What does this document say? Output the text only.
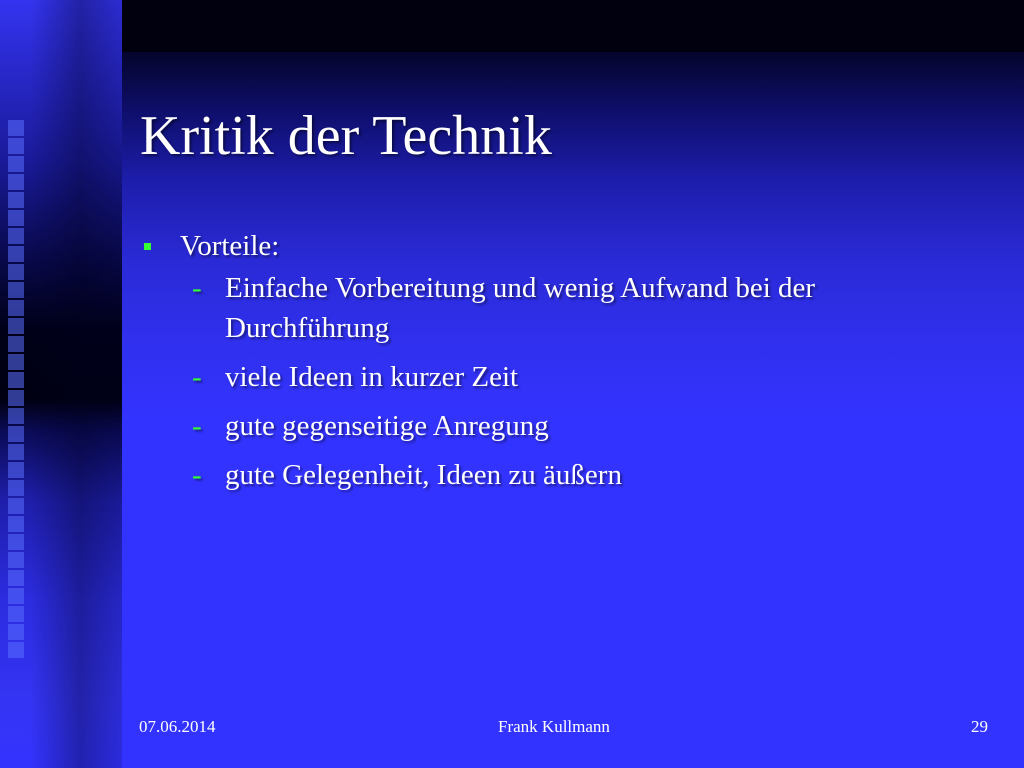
Kritik der Technik
Vorteile:
- Einfache Vorbereitung und wenig Aufwand bei der Durchführung
- viele Ideen in kurzer Zeit
- gute gegenseitige Anregung
- gute Gelegenheit, Ideen zu äußern
07.06.2014	Frank Kullmann	29
